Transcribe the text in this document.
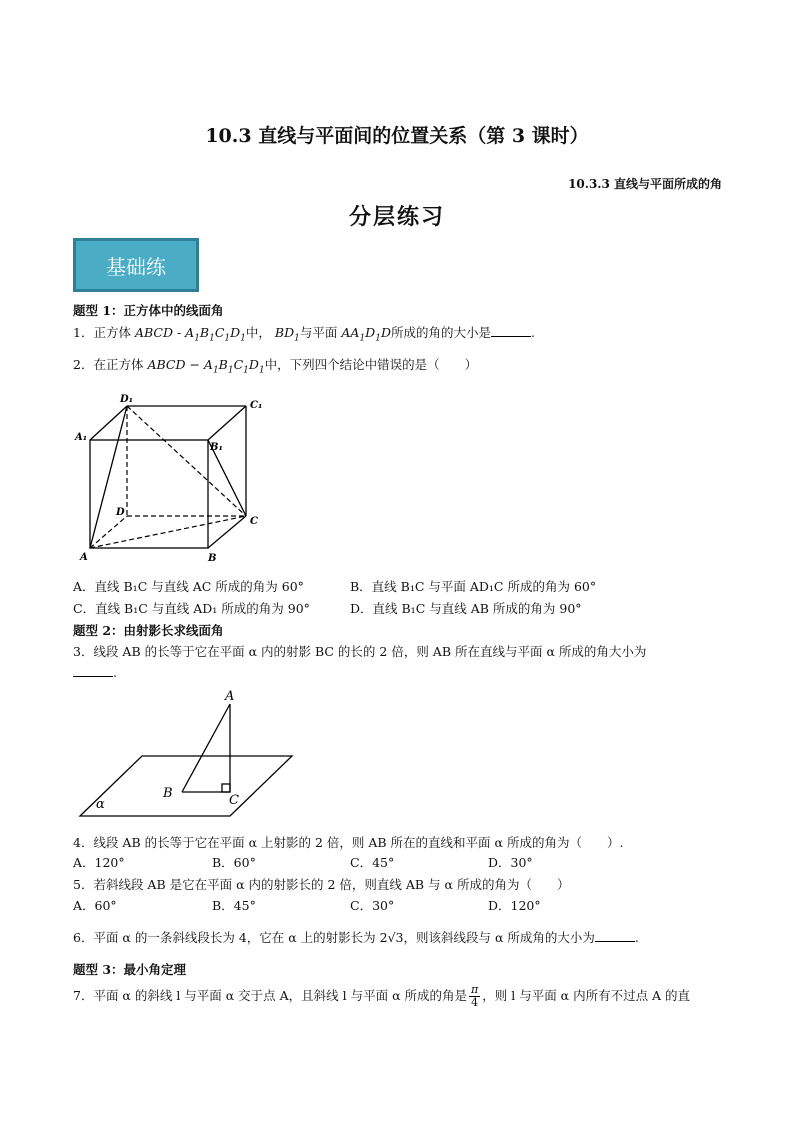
10.3 直线与平面间的位置关系（第 3 课时）
10.3.3 直线与平面所成的角
分层练习
基础练
题型 1：正方体中的线面角
1．正方体 ABCD - $A_1B_1C_1D_1$中， $BD_1$与平面 $AA_1D_1D$所成的角的大小是	.
2．在正方体 ABCD − $A_1B_1C_1D_1$中，下列四个结论中错误的是（　　）
D₁
C₁
A₁
B₁
D
C
A	B
A．直线 B₁C 与直线 AC 所成的角为 60°	B．直线 B₁C 与平面 AD₁C 所成的角为 60°
C．直线 B₁C 与直线 AD₁ 所成的角为 90°	D．直线 B₁C 与直线 AB 所成的角为 90°
题型 2：由射影长求线面角
3．线段 AB 的长等于它在平面 α 内的射影 BC 的长的 2 倍，则 AB 所在直线与平面 α 所成的角大小为
.
A
B	C
α
4．线段 AB 的长等于它在平面 α 上射影的 2 倍，则 AB 所在的直线和平面 α 所成的角为（　　）.
A．120°	B．60°	C．45°	D．30°
5．若斜线段 AB 是它在平面 α 内的射影长的 2 倍，则直线 AB 与 α 所成的角为（　　）
A．60°	B．45°	C．30°	D．120°
6．平面 α 的一条斜线段长为 4，它在 α 上的射影长为 2√3，则该斜线段与 α 所成角的大小为	.
题型 3：最小角定理
7．平面 α 的斜线 l 与平面 α 交于点 A，且斜线 l 与平面 α 所成的角是 $\frac{\pi}{4}$ ，则 l 与平面 α 内所有不过点 A 的直
